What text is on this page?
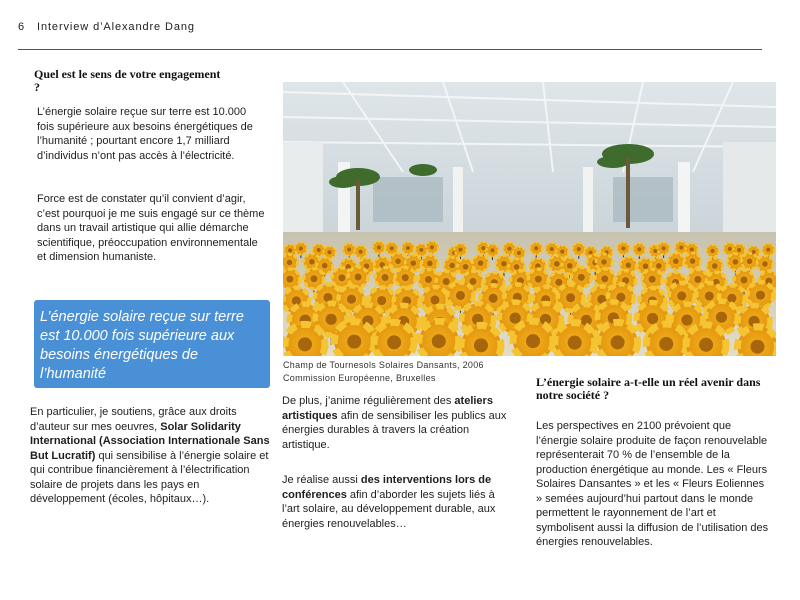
6 Interview d’Alexandre Dang
Quel est le sens de votre engagement ?
L’énergie solaire reçue sur terre est 10.000 fois supérieure aux besoins énergétiques de l’humanité ; pourtant encore 1,7 milliard d’individus n’ont pas accès à l’électricité.
Force est de constater qu’il convient d’agir, c’est pourquoi je me suis engagé sur ce thème dans un travail artistique qui allie démarche scientifique, préoccupation environnementale et dimension humaniste.
L’énergie solaire reçue sur terre est 10.000 fois supérieure aux besoins énergétiques de l’humanité
En particulier, je soutiens, grâce aux droits d’auteur sur mes oeuvres, Solar Solidarity International (Association Internationale Sans But Lucratif) qui sensibilise à l’énergie solaire et qui contribue financièrement à l’électrification solaire de projets dans les pays en développement (écoles, hôpitaux…).
Champ de Tournesols Solaires Dansants, 2006
Commission Européenne, Bruxelles
De plus, j’anime régulièrement des ateliers artistiques afin de sensibiliser les publics aux énergies durables à travers la création artistique.
Je réalise aussi des interventions lors de conférences afin d’aborder les sujets liés à l’art solaire, au développement durable, aux énergies renouvelables…
L’énergie solaire a-t-elle un réel avenir dans notre société ?
Les perspectives en 2100 prévoient que l’énergie solaire produite de façon renouvelable représenterait 70 % de l’ensemble de la production énergétique au monde. Les « Fleurs Solaires Dansantes » et les « Fleurs Eoliennes » semées aujourd’hui partout dans le monde permettent le rayonnement de l’art et symbolisent aussi la diffusion de l’utilisation des énergies renouvelables.
